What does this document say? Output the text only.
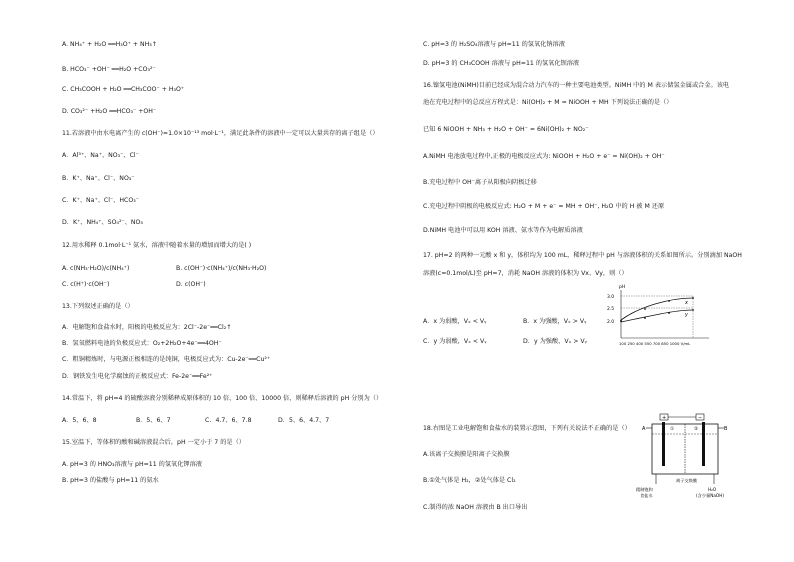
A. NH₄⁺ + H₂O ══H₃O⁺ + NH₃↑
B. HCO₃⁻ +OH⁻ ══H₂O +CO₃²⁻
C. CH₃COOH + H₂O ══CH₃COO⁻ + H₃O⁺
D. CO₃²⁻ +H₂O ══HCO₃⁻ +OH⁻
11.若溶液中由水电离产生的 c(OH⁻)=1.0×10⁻¹³ mol·L⁻¹，满足此条件的溶液中一定可以大量共存的离子组是（）
A．Al³⁺、Na⁺、NO₃⁻、Cl⁻
B．K⁺、Na⁺、Cl⁻、NO₃⁻
C．K⁺、Na⁺、Cl⁻、HCO₃⁻
D．K⁺、NH₄⁺、SO₄²⁻、NO₃
12.用水稀释 0.1mol·L⁻¹ 氨水，溶液中随着水量的增加而增大的是( )
A. c(NH₃·H₂O)/c(NH₄⁺)	B. c(OH⁻)·c(NH₄⁺)/c(NH₃·H₂O)
C. c(H⁺)·c(OH⁻)	D. c(OH⁻)
13.下列叙述正确的是（）
A．电解饱和食盐水时，阳极的电极反应为：2Cl⁻-2e⁻══Cl₂↑
B．氢氧燃料电池的负极反应式：O₂+2H₂O+4e⁻══4OH⁻
C．粗铜精炼时，与电源正极相连的是纯铜，电极反应式为：Cu-2e⁻══Cu²⁺
D．钢铁发生电化学腐蚀的正极反应式：Fe-2e⁻══Fe²⁺
14.常温下，将 pH=4 的硫酸溶液分别稀释成原体积的 10 倍、100 倍、10000 倍，则稀释后溶液的 pH 分别为（）
A．5、6、8	B．5、6、7	C．4.7、6、7.8	D．5、6、4.7、7
15.室温下，等体积的酸和碱溶液混合后，pH 一定小于 7 的是（）
A. pH=3 的 HNO₃溶液与 pH=11 的氢氧化钾溶液
B. pH=3 的盐酸与 pH=11 的氨水
C. pH=3 的 H₂SO₄溶液与 pH=11 的氢氧化钠溶液
D. pH=3 的 CH₃COOH 溶液与 pH=11 的氢氧化钡溶液
16.镍氢电池(NiMH)目前已经成为混合动力汽车的一种主要电池类型。NiMH 中的 M 表示储氢金属或合金。该电
池在充电过程中的总反应方程式是：Ni(OH)₂ + M = NiOOH + MH 下列说法正确的是（）
已知 6 NiOOH + NH₃ + H₂O + OH⁻ = 6Ni(OH)₂ + NO₂⁻
A.NiMH 电池放电过程中,正极的电极反应式为: NiOOH + H₂O + e⁻ = Ni(OH)₂ + OH⁻
B.充电过程中 OH⁻离子从阳极向阴极迁移
C.充电过程中阴极的电极反应式: H₂O + M + e⁻ = MH + OH⁻, H₂O 中的 H 被 M 还原
D.NiMH 电池中可以用 KOH 溶液、氨水等作为电解质溶液
17. pH=2 的两种一元酸 x 和 y，体积均为 100 mL，稀释过程中 pH 与溶液体积的关系如图所示。分别滴加 NaOH
溶液(c=0.1mol/L)至 pH=7，消耗 NaOH 溶液的体积为 Vx、Vy，则（）
A．x 为弱酸，Vₓ < Vᵧ	B．x 为强酸，Vₓ > Vᵧ
C．y 为弱酸，Vₓ < Vᵧ	D．y 为强酸，Vₓ > Vᵧ
18.右图是工业电解饱和食盐水的装置示意图，下列有关说法不正确的是（）
A.该离子交换膜是阳离子交换膜
B.①处气体是 H₂，②处气体是 Cl₂
C.制得的浓 NaOH 溶液由 B 出口导出
pH
3.0
2.5
2.0
x
y
100 250 400 550 700 850 1000 V/mL
+	−
A	B
①	②
离子交换膜
精制饱和
食盐水
H₂O
(含少量NaOH)
